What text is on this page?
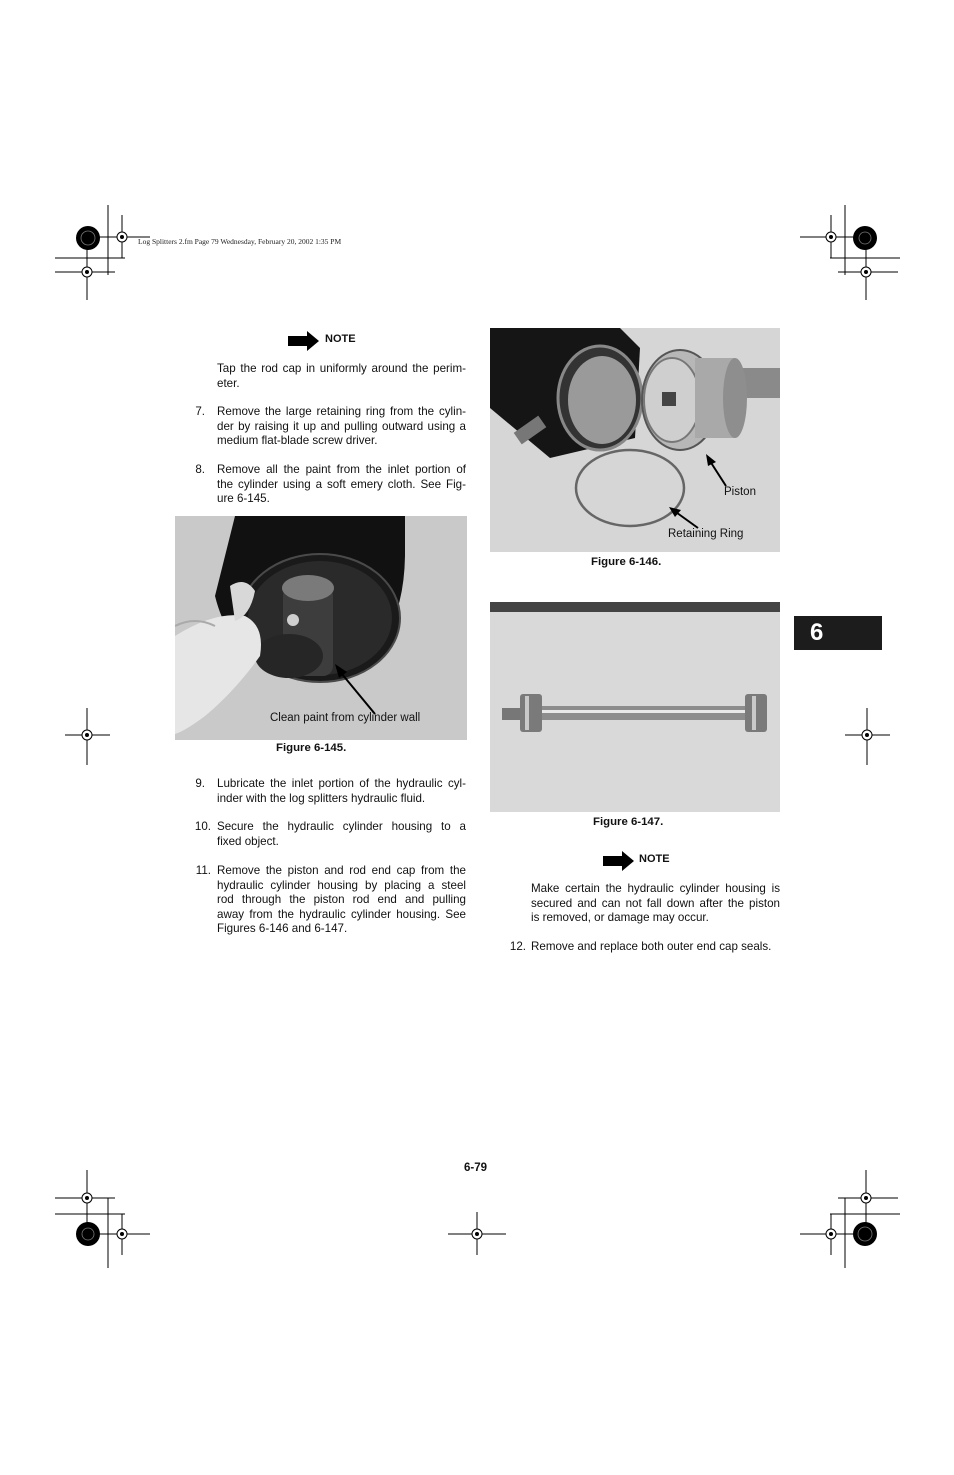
Log Splitters 2.fm Page 79 Wednesday, February 20, 2002 1:35 PM
NOTE
Tap the rod cap in uniformly around the perim-
eter.
7. Remove the large retaining ring from the cylin-
der by raising it up and pulling outward using a
medium flat-blade screw driver.
8. Remove all the paint from the inlet portion of
the cylinder using a soft emery cloth. See Fig-
ure 6-145.
Clean paint from cylinder wall
Figure 6-145.
9. Lubricate the inlet portion of the hydraulic cyl-
inder with the log splitters hydraulic fluid.
10. Secure the hydraulic cylinder housing to a
fixed object.
11. Remove the piston and rod end cap from the
hydraulic cylinder housing by placing a steel
rod through the piston rod end and pulling
away from the hydraulic cylinder housing. See
Figures 6-146 and 6-147.
Piston
Retaining Ring
Figure 6-146.
Figure 6-147.
NOTE
Make certain the hydraulic cylinder housing is
secured and can not fall down after the piston
is removed, or damage may occur.
12. Remove and replace both outer end cap seals.
6
6-79
